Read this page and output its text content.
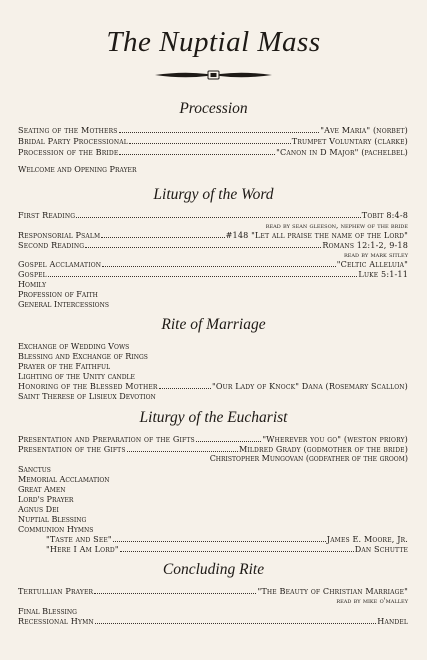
The Nuptial Mass
Procession
Seating of the Mothers	"Ave Maria" (norbet)
Bridal Party Processional	Trumpet Voluntary (clarke)
Procession of the Bride	"Canon in D Major" (pachelbel)
Welcome and Opening Prayer
Liturgy of the Word
First Reading	Tobit 8:4-8
read by sean gleeson, nephew of the bride
Responsorial Psalm	#148 "Let all praise the name of the Lord"
Second Reading	Romans 12:1-2, 9-18
read by mark sitley
Gospel Acclamation	"Celtic Alleluia"
Gospel	Luke 5:1-11
Homily
Profession of Faith
General Intercessions
Rite of Marriage
Exchange of Wedding Vows
Blessing and Exchange of Rings
Prayer of the Faithful
Lighting of the Unity candle
Honoring of the Blessed Mother	"Our Lady of Knock" Dana (Rosemary Scallon)
Saint Therese of Lisieux Devotion
Liturgy of the Eucharist
Presentation and Preparation of the Gifts	"Wherever you go" (weston priory)
Presentation of the Gifts	Mildred Grady (godmother of the bride)
Christopher Mungovan (godfather of the groom)
Sanctus
Memorial Acclamation
Great Amen
Lord's Prayer
Agnus Dei
Nuptial Blessing
Communion Hymns
"Taste and See"	James E. Moore, Jr.
"Here I Am Lord"	Dan Schutte
Concluding Rite
Tertullian Prayer	"The Beauty of Christian Marriage"
read by mike o'malley
Final Blessing
Recessional Hymn	Handel
